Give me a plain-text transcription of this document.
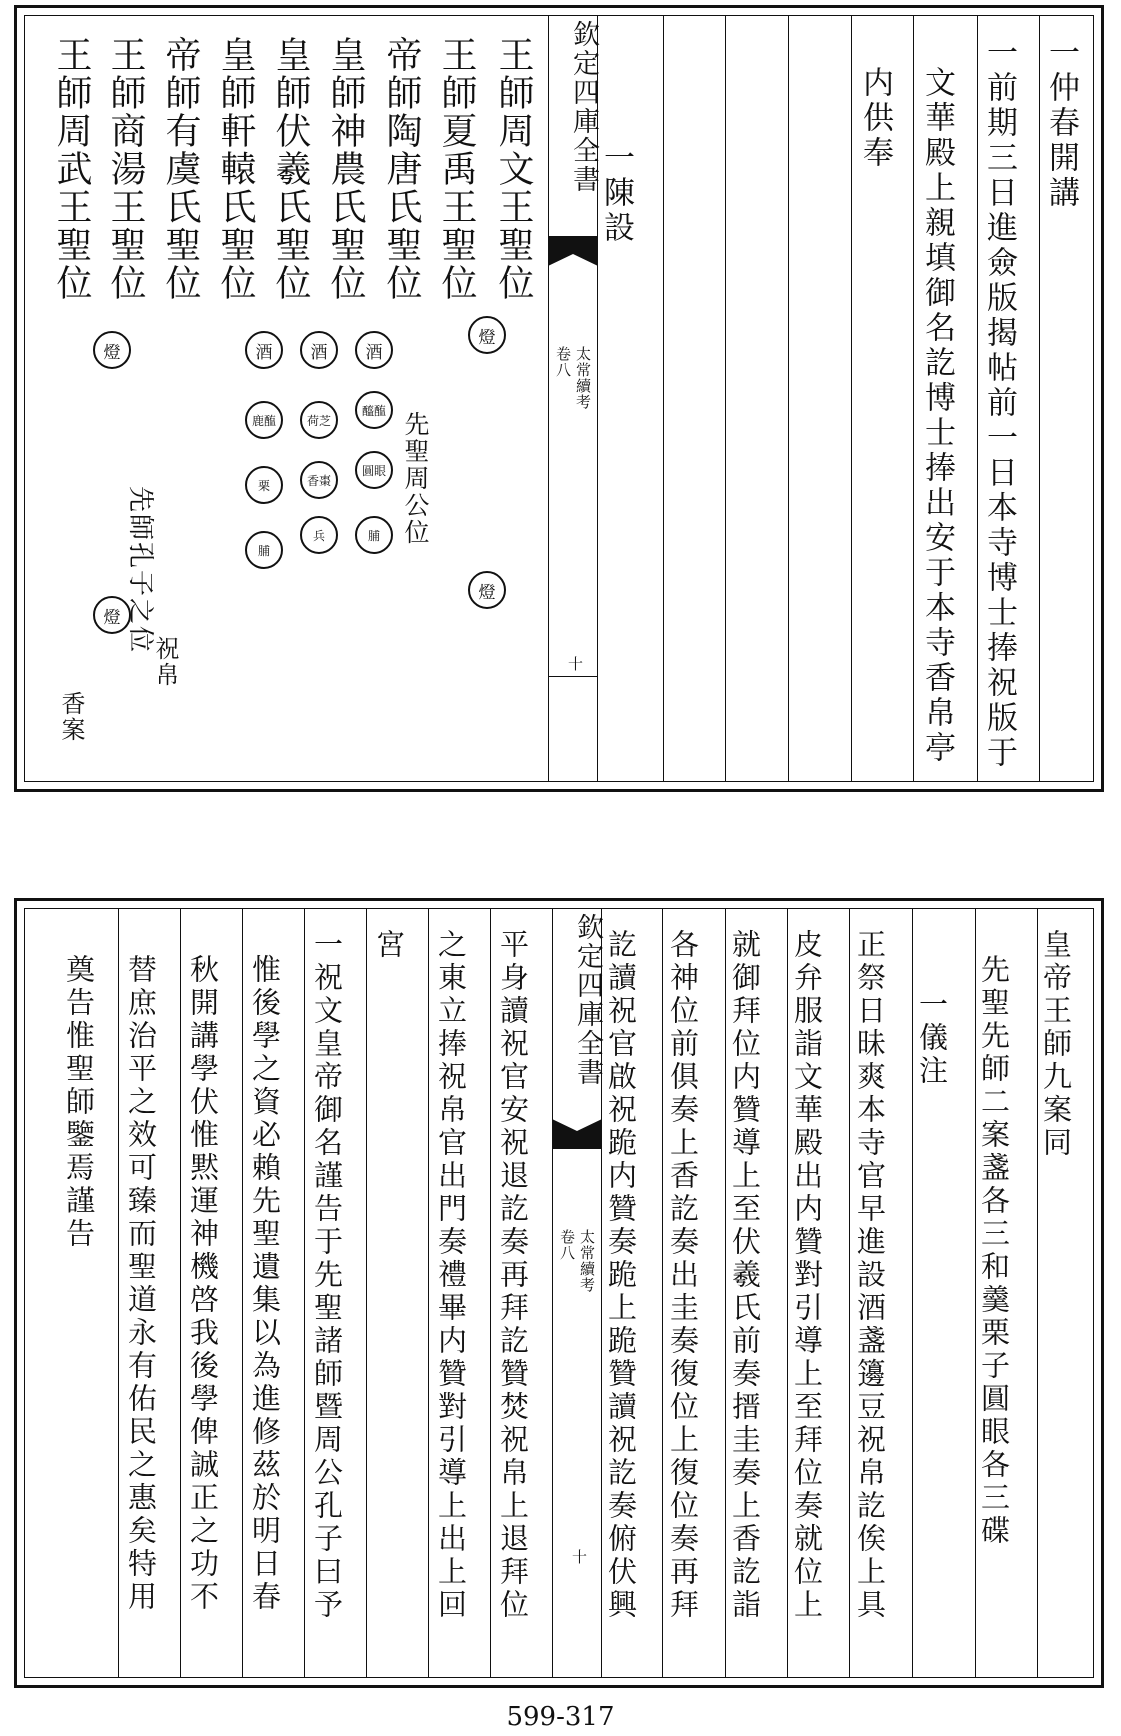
一仲春開講
一前期三日進僉版揭帖前一日本寺博士捧祝版于
文華殿上親填御名訖博士捧出安于本寺香帛亭
内供奉
一陳設
欽定四庫全書
太常續考
卷八
十
王師周文王聖位
王師夏禹王聖位
帝師陶唐氏聖位
皇師神農氏聖位
皇師伏羲氏聖位
皇師軒轅氏聖位
帝師有虞氏聖位
王師商湯王聖位
王師周武王聖位
燈
燈
燈
燈
酒
酒
酒
醯醢
荷芝
鹿醢
圓眼
香棗
栗
脯
兵
脯
先聖周公位
先師孔子之位
祝帛
香案
皇帝王師九案同
先聖先師二案盞各三和羹栗子圓眼各三碟
一儀注
正祭日昧爽本寺官早進設酒盞籩豆祝帛訖俟上具
皮弁服詣文華殿出内贊對引導上至拜位奏就位上
就御拜位内贊導上至伏羲氏前奏搢圭奏上香訖詣
各神位前俱奏上香訖奏出圭奏復位上復位奏再拜
訖讀祝官啟祝跪内贊奏跪上跪贊讀祝訖奏俯伏興
欽定四庫全書
太常續考
卷八
十
平身讀祝官安祝退訖奏再拜訖贊焚祝帛上退拜位
之東立捧祝帛官出門奏禮畢内贊對引導上出上回
宮
一祝文皇帝御名謹告于先聖諸師暨周公孔子曰予
惟後學之資必賴先聖遺集以為進修茲於明日春
秋開講學伏惟黙運神機啓我後學俾誠正之功不
替庶治平之效可臻而聖道永有佑民之惠矣特用
奠告惟聖師鑒焉謹告
599-317
